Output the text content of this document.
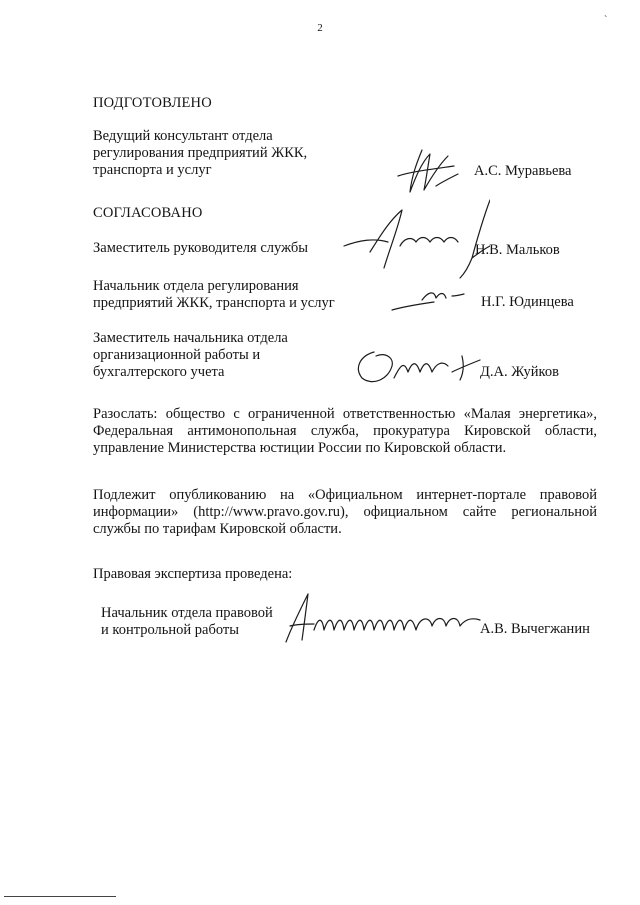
2
`
ПОДГОТОВЛЕНО
Ведущий консультант отдела
регулирования предприятий ЖКК,
транспорта и услуг	А.С. Муравьева
СОГЛАСОВАНО
Заместитель руководителя службы	Н.В. Мальков
Начальник отдела регулирования
предприятий ЖКК, транспорта и услуг	Н.Г. Юдинцева
Заместитель начальника отдела
организационной работы и
бухгалтерского учета	Д.А. Жуйков
Разослать: общество с ограниченной ответственностью «Малая энергетика», Федеральная антимонопольная служба, прокуратура Кировской области, управление Министерства юстиции России по Кировской области.
Подлежит опубликованию на «Официальном интернет-портале правовой информации» (http://www.pravo.gov.ru), официальном сайте региональной службы по тарифам Кировской области.
Правовая экспертиза проведена:
Начальник отдела правовой
и контрольной работы	А.В. Вычегжанин
